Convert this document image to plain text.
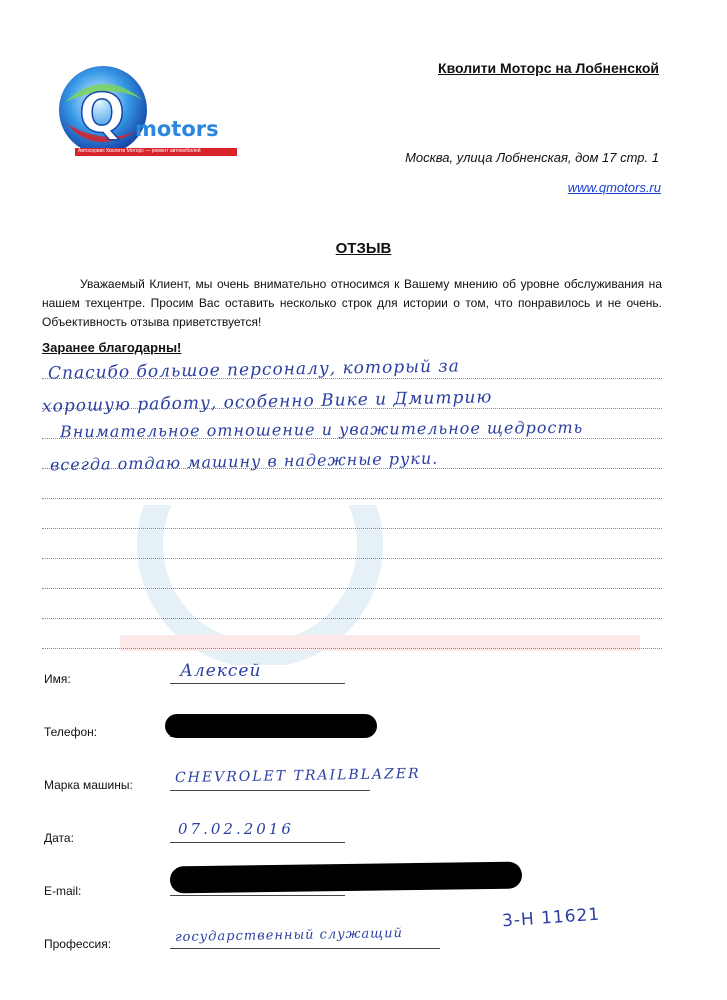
Q motors
Автосервис Кволити Моторс — ремонт автомобилей
Кволити Моторс на Лобненской
Москва, улица Лобненская, дом 17 стр. 1
www.qmotors.ru
ОТЗЫВ
Уважаемый Клиент, мы очень внимательно относимся к Вашему мнению об уровне обслуживания на нашем техцентре. Просим Вас оставить несколько строк для истории о том, что понравилось и не очень. Объективность отзыва приветствуется!
Заранее благодарны!
Спасибо большое персоналу, который за
хорошую работу, особенно Вике и Дмитрию
Внимательное отношение и уважительное щедрость
всегда отдаю машину в надежные руки.
Имя:	Алексей
Телефон:
Марка машины:	CHEVROLET TRAILBLAZER
Дата:	07.02.2016
E-mail:
Профессия:	государственный служащий
3-Н 11621
